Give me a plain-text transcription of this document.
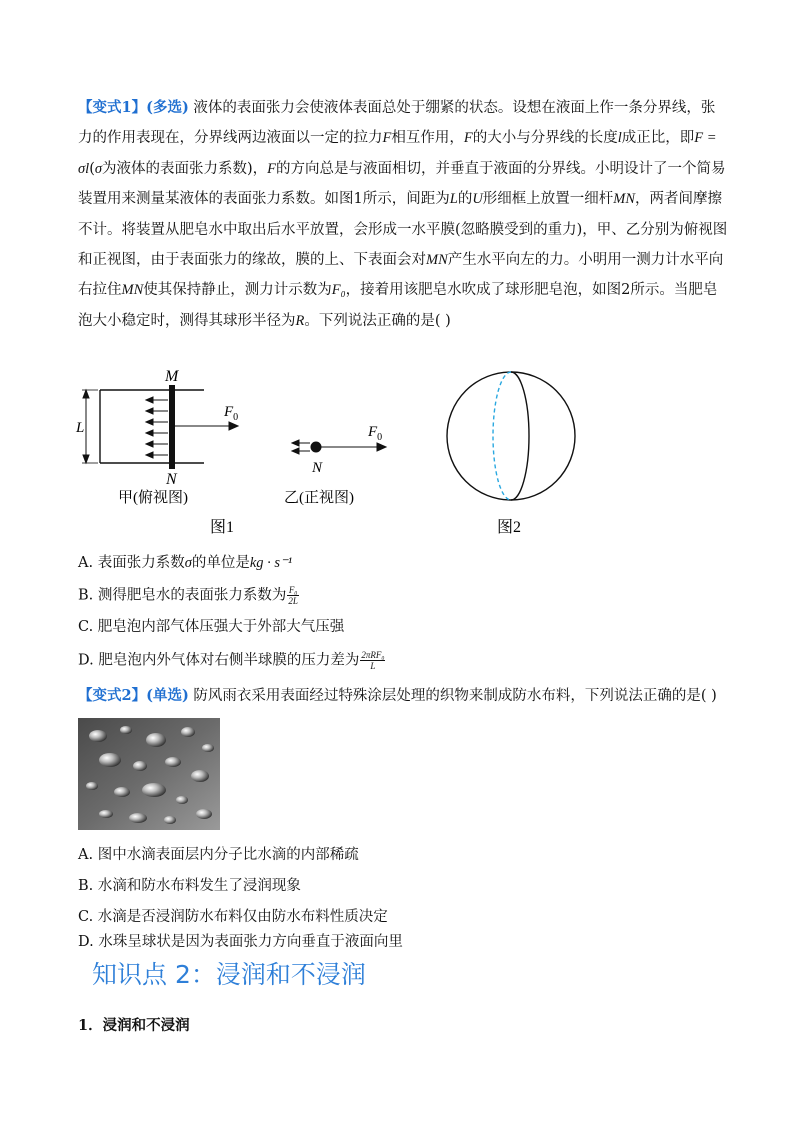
【变式1】(多选) 液体的表面张力会使液体表面总处于绷紧的状态。设想在液面上作一条分界线，张力的作用表现在，分界线两边液面以一定的拉力F相互作用，F的大小与分界线的长度l成正比，即F = σl(σ为液体的表面张力系数)，F的方向总是与液面相切，并垂直于液面的分界线。小明设计了一个简易装置用来测量某液体的表面张力系数。如图1所示，间距为L的U形细框上放置一细杆MN，两者间摩擦不计。将装置从肥皂水中取出后水平放置，会形成一水平膜(忽略膜受到的重力)，甲、乙分别为俯视图和正视图，由于表面张力的缘故，膜的上、下表面会对MN产生水平向左的力。小明用一测力计水平向右拉住MN使其保持静止，测力计示数为F₀，接着用该肥皂水吹成了球形肥皂泡，如图2所示。当肥皂泡大小稳定时，测得其球形半径为R。下列说法正确的是( )
L
M
N
$F_0$
甲(俯视图)
N
$F_0$
乙(正视图)
图1	图2
A. 表面张力系数σ的单位是kg · s⁻¹
B. 测得肥皂水的表面张力系数为 $\frac{\text{F₀}}{2L}$
C. 肥皂泡内部气体压强大于外部大气压强
D. 肥皂泡内外气体对右侧半球膜的压力差为 $\frac{\text{2πRF₀}}{L}$
【变式2】(单选) 防风雨衣采用表面经过特殊涂层处理的织物来制成防水布料，下列说法正确的是( )
A. 图中水滴表面层内分子比水滴的内部稀疏
B. 水滴和防水布料发生了浸润现象
C. 水滴是否浸润防水布料仅由防水布料性质决定
D. 水珠呈球状是因为表面张力方向垂直于液面向里
知识点 2：浸润和不浸润
1．浸润和不浸润
